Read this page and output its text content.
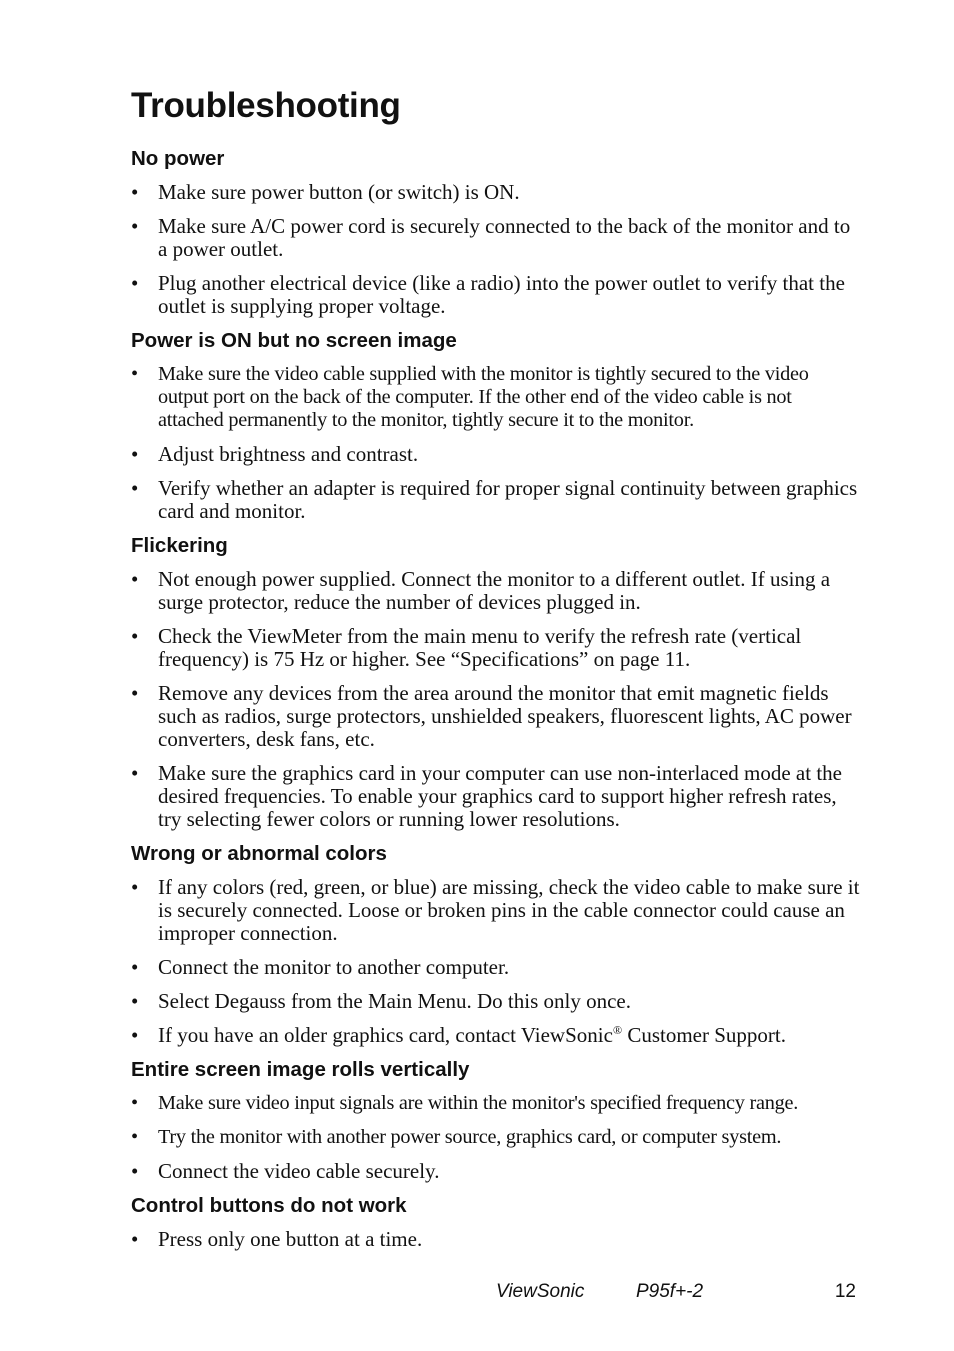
Troubleshooting
No power
• Make sure power button (or switch) is ON.
• Make sure A/C power cord is securely connected to the back of the monitor and to a power outlet.
• Plug another electrical device (like a radio) into the power outlet to verify that the outlet is supplying proper voltage.
Power is ON but no screen image
• Make sure the video cable supplied with the monitor is tightly secured to the video output port on the back of the computer. If the other end of the video cable is not attached permanently to the monitor, tightly secure it to the monitor.
• Adjust brightness and contrast.
• Verify whether an adapter is required for proper signal continuity between graphics card and monitor.
Flickering
• Not enough power supplied. Connect the monitor to a different outlet. If using a surge protector, reduce the number of devices plugged in.
• Check the ViewMeter from the main menu to verify the refresh rate (vertical frequency) is 75 Hz or higher. See “Specifications” on page 11.
• Remove any devices from the area around the monitor that emit magnetic fields such as radios, surge protectors, unshielded speakers, fluorescent lights, AC power converters, desk fans, etc.
• Make sure the graphics card in your computer can use non-interlaced mode at the desired frequencies. To enable your graphics card to support higher refresh rates, try selecting fewer colors or running lower resolutions.
Wrong or abnormal colors
• If any colors (red, green, or blue) are missing, check the video cable to make sure it is securely connected. Loose or broken pins in the cable connector could cause an improper connection.
• Connect the monitor to another computer.
• Select Degauss from the Main Menu. Do this only once.
• If you have an older graphics card, contact ViewSonic® Customer Support.
Entire screen image rolls vertically
• Make sure video input signals are within the monitor's specified frequency range.
• Try the monitor with another power source, graphics card, or computer system.
• Connect the video cable securely.
Control buttons do not work
• Press only one button at a time.
ViewSonic	P95f+-2	12
